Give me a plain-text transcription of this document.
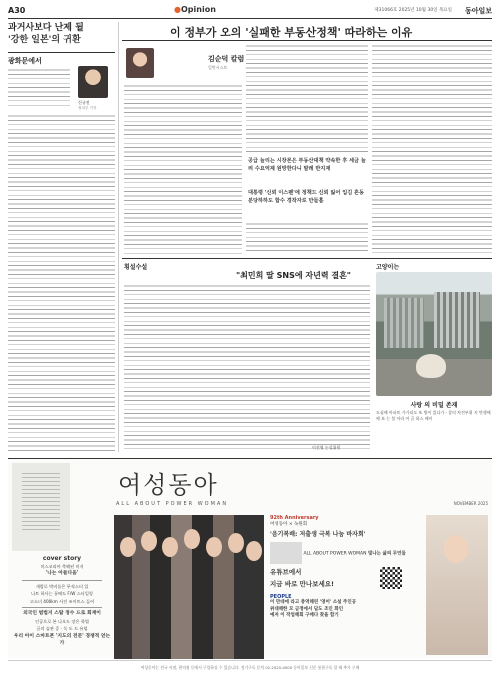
A30	●Opinion	제31066호 2025년 10월 30일 목요일 동아일보
과거사보다 난제 뒬
'강한 일본'의 귀환
광화문에서
신규진
정치부 기자
이 정부가 오의 '실패한 부동산정책' 따라하는 이유
김순덕 칼럼
일반시스트
공급 늘리는 시장론은 부동산대책 약속한 후 세금 늘려 수요억제 원망한다니 말레 반지재
대통령 '신뢰 이스펜'에 정책드 신뢰 잃어 입김 흔동 분당하하도 합수 경작자로 만들홈
횡설수설
"최민희 딸 SNS에 자년력 결혼"
이진영 논설위원
고양이는
사랑 의 비밀 존재
도심에 아파트 가가리도 또 방이 있다가 - 창의 차전부위 지 만행에에 보 는 볼 아라 어 글 하스 배이
여성동아
ALL ABOUT POWER WOMAN	NOVEMBER 2025
cover story
미스코리아 축해된 미지
'나는 아들다움'
개발로 박비를은 무적스터 입
나트 하사는 꿀배도 F/W 스타일링
고소녀 400km 사진 조이트스 들어
외국인 범법지 스탑 정수 드로 회재이
인공으로 본 나오드 장은 학법
글의 습관 증 · 독 도 드 유럽
우리 아이 스마트폰 '지도의 전문' 경쟁적 얻는가
92th Anniversary
여성동아 × 녹원회
'음기복배: 저출생 극복 나눔 바자회'
ALL ABOUT POWER WOMAN 빛나는 삶의 무언들
유튜브에서
지금 바로 만나보세요!
PEOPLE
이 만대에 라고 충역해린 '영어' 소설 주인공
위대해한 모 금정에서 답도 조인 화인
예저 이 작업해회 구매다 찾을 합기
여성동아는 전국 서점, 편의점 등에서 구입하실 수 있습니다. 정기구독 문의 02-2020-0000 동아일보 신문 통합구독 할 때 추가 구매
